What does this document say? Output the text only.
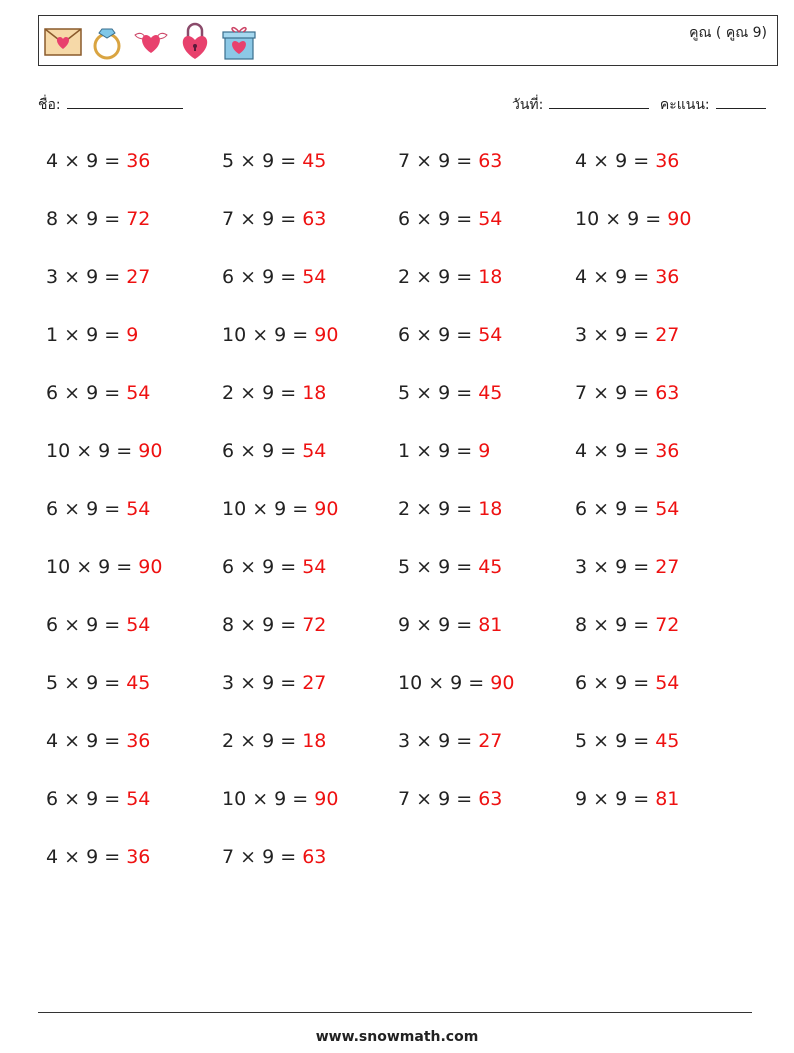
คูณ ( คูณ 9)
ชื่อ:	วันที่:	คะแนน:
4 × 9 = 36	5 × 9 = 45	7 × 9 = 63	4 × 9 = 36
8 × 9 = 72	7 × 9 = 63	6 × 9 = 54	10 × 9 = 90
3 × 9 = 27	6 × 9 = 54	2 × 9 = 18	4 × 9 = 36
1 × 9 = 9	10 × 9 = 90	6 × 9 = 54	3 × 9 = 27
6 × 9 = 54	2 × 9 = 18	5 × 9 = 45	7 × 9 = 63
10 × 9 = 90	6 × 9 = 54	1 × 9 = 9	4 × 9 = 36
6 × 9 = 54	10 × 9 = 90	2 × 9 = 18	6 × 9 = 54
10 × 9 = 90	6 × 9 = 54	5 × 9 = 45	3 × 9 = 27
6 × 9 = 54	8 × 9 = 72	9 × 9 = 81	8 × 9 = 72
5 × 9 = 45	3 × 9 = 27	10 × 9 = 90	6 × 9 = 54
4 × 9 = 36	2 × 9 = 18	3 × 9 = 27	5 × 9 = 45
6 × 9 = 54	10 × 9 = 90	7 × 9 = 63	9 × 9 = 81
4 × 9 = 36	7 × 9 = 63
www.snowmath.com
